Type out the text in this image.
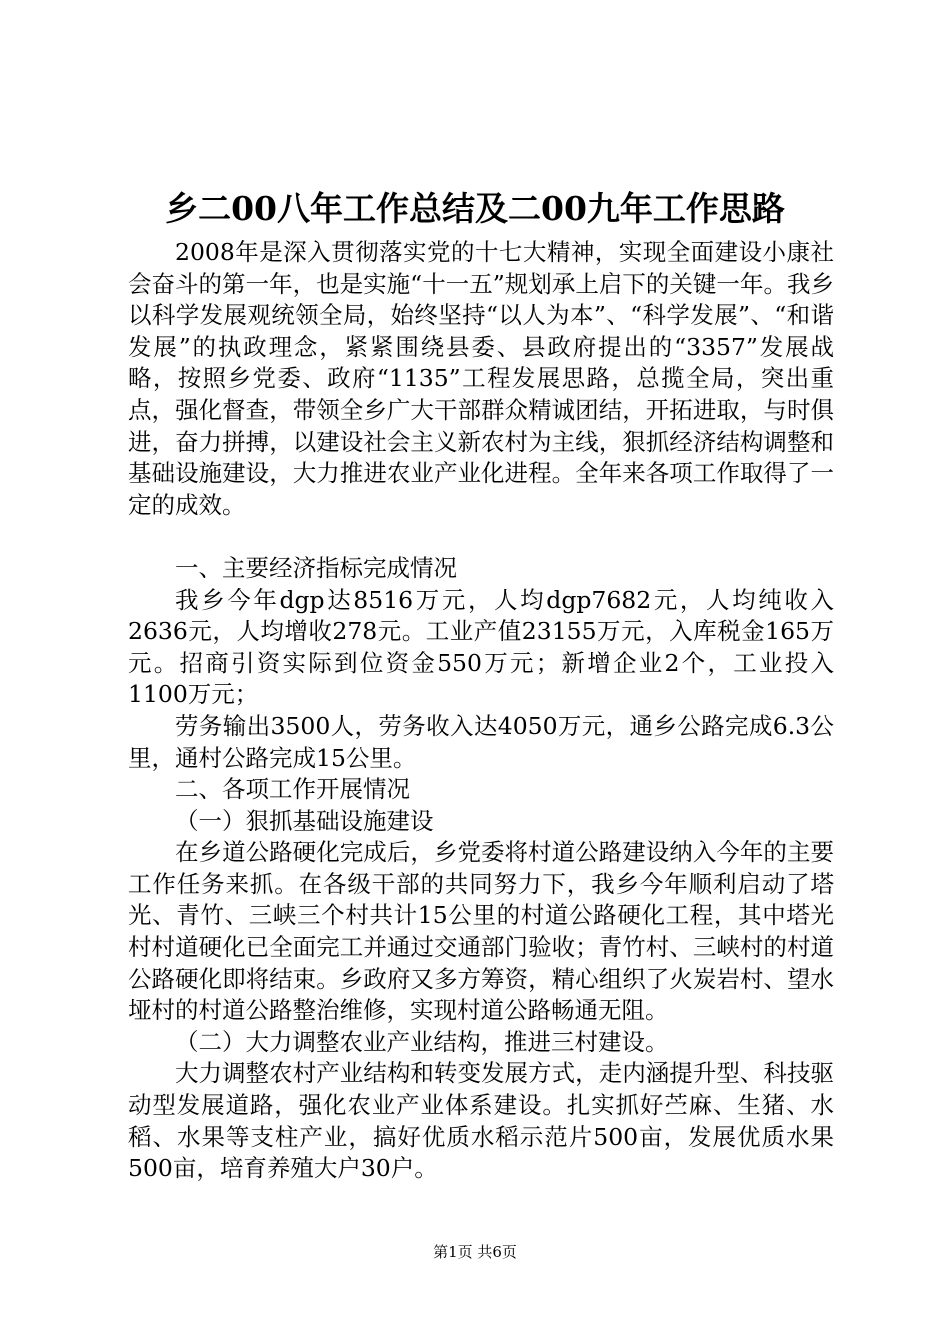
乡二00八年工作总结及二00九年工作思路

2008年是深入贯彻落实党的十七大精神，实现全面建设小康社会奋斗的第一年，也是实施“十一五”规划承上启下的关键一年。我乡以科学发展观统领全局，始终坚持“以人为本”、“科学发展”、“和谐发展”的执政理念，紧紧围绕县委、县政府提出的“3357”发展战略，按照乡党委、政府“1135”工程发展思路，总揽全局，突出重点，强化督查，带领全乡广大干部群众精诚团结，开拓进取，与时俱进，奋力拼搏，以建设社会主义新农村为主线，狠抓经济结构调整和基础设施建设，大力推进农业产业化进程。全年来各项工作取得了一定的成效。

一、主要经济指标完成情况

我乡今年dgp达8516万元，人均dgp7682元，人均纯收入2636元，人均增收278元。工业产值23155万元，入库税金165万元。招商引资实际到位资金550万元；新增企业2个，工业投入1100万元；

劳务输出3500人，劳务收入达4050万元，通乡公路完成6.3公里，通村公路完成15公里。

二、各项工作开展情况

（一）狠抓基础设施建设

在乡道公路硬化完成后，乡党委将村道公路建设纳入今年的主要工作任务来抓。在各级干部的共同努力下，我乡今年顺利启动了塔光、青竹、三峡三个村共计15公里的村道公路硬化工程，其中塔光村村道硬化已全面完工并通过交通部门验收；青竹村、三峡村的村道公路硬化即将结束。乡政府又多方筹资，精心组织了火炭岩村、望水垭村的村道公路整治维修，实现村道公路畅通无阻。

（二）大力调整农业产业结构，推进三村建设。

大力调整农村产业结构和转变发展方式，走内涵提升型、科技驱动型发展道路，强化农业产业体系建设。扎实抓好苎麻、生猪、水稻、水果等支柱产业，搞好优质水稻示范片500亩，发展优质水果500亩，培育养殖大户30户。

第1页 共6页
